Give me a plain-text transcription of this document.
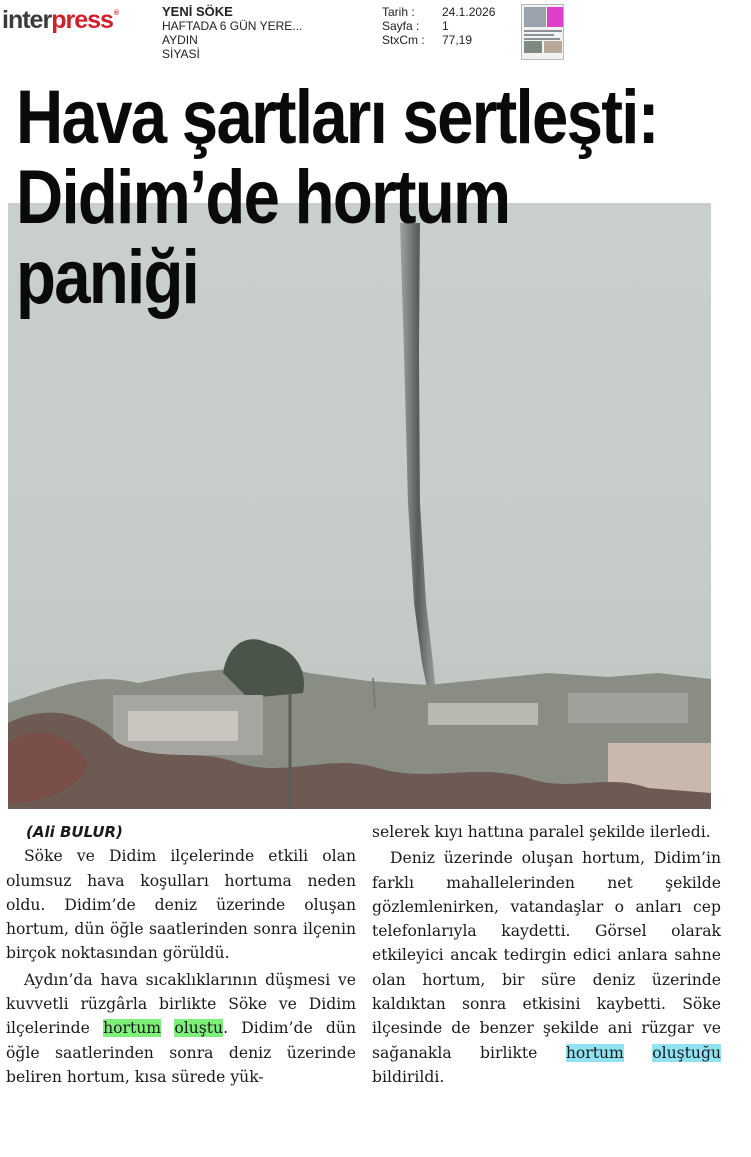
interpress®	YENİ SÖKE
HAFTADA 6 GÜN YERE...
AYDIN
SİYASİ
Tarih :	24.1.2026
Sayfa :	1
StxCm :	77,19
Hava şartları sertleşti:
Didim’de hortum
paniği
(Ali BULUR)

Söke ve Didim ilçelerinde etkili olan olumsuz hava koşulları hortuma neden oldu. Didim’de deniz üzerinde oluşan hortum, dün öğle saatlerinden sonra ilçenin birçok noktasından görüldü.

Aydın’da hava sıcaklıklarının düşmesi ve kuvvetli rüzgârla birlikte Söke ve Didim ilçelerinde hortum oluştu. Didim’de dün öğle saatlerinden sonra deniz üzerinde beliren hortum, kısa sürede yük-

selerek kıyı hattına paralel şekilde ilerledi.

Deniz üzerinde oluşan hortum, Didim’in farklı mahallelerinden net şekilde gözlemlenirken, vatandaşlar o anları cep telefonlarıyla kaydetti. Görsel olarak etkileyici ancak tedirgin edici anlara sahne olan hortum, bir süre deniz üzerinde kaldıktan sonra etkisini kaybetti. Söke ilçesinde de benzer şekilde ani rüzgar ve sağanakla birlikte hortum oluştuğu bildirildi.
